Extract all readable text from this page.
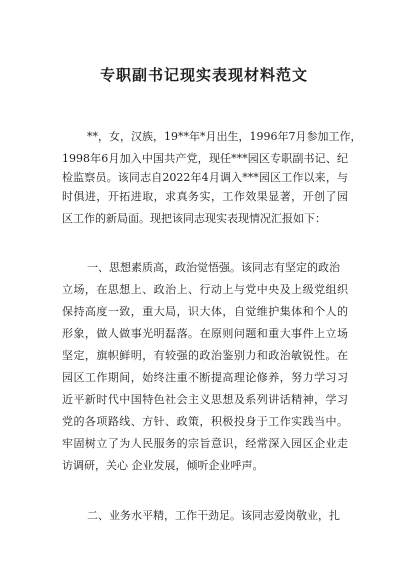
专职副书记现实表现材料范文
**，女，汉族，19**年*月出生，1996年7月参加工作，
1998年6月加入中国共产党，现任***园区专职副书记、纪
检监察员。该同志自2022年4月调入***园区工作以来，与
时俱进，开拓进取，求真务实，工作效果显著，开创了园
区工作的新局面。现把该同志现实表现情况汇报如下：
一、思想素质高，政治觉悟强。该同志有坚定的政治
立场，在思想上、政治上、行动上与党中央及上级党组织
保持高度一致，重大局，识大体，自觉维护集体和个人的
形象，做人做事光明磊落。在原则问题和重大事件上立场
坚定，旗帜鲜明，有较强的政治鉴别力和政治敏锐性。在
园区工作期间，始终注重不断提高理论修养，努力学习习
近平新时代中国特色社会主义思想及系列讲话精神，学习
党的各项路线、方针、政策，积极投身于工作实践当中。
牢固树立了为人民服务的宗旨意识，经常深入园区企业走
访调研，关心 企业发展，倾听企业呼声。
二、业务水平精，工作干劲足。该同志爱岗敬业，扎
